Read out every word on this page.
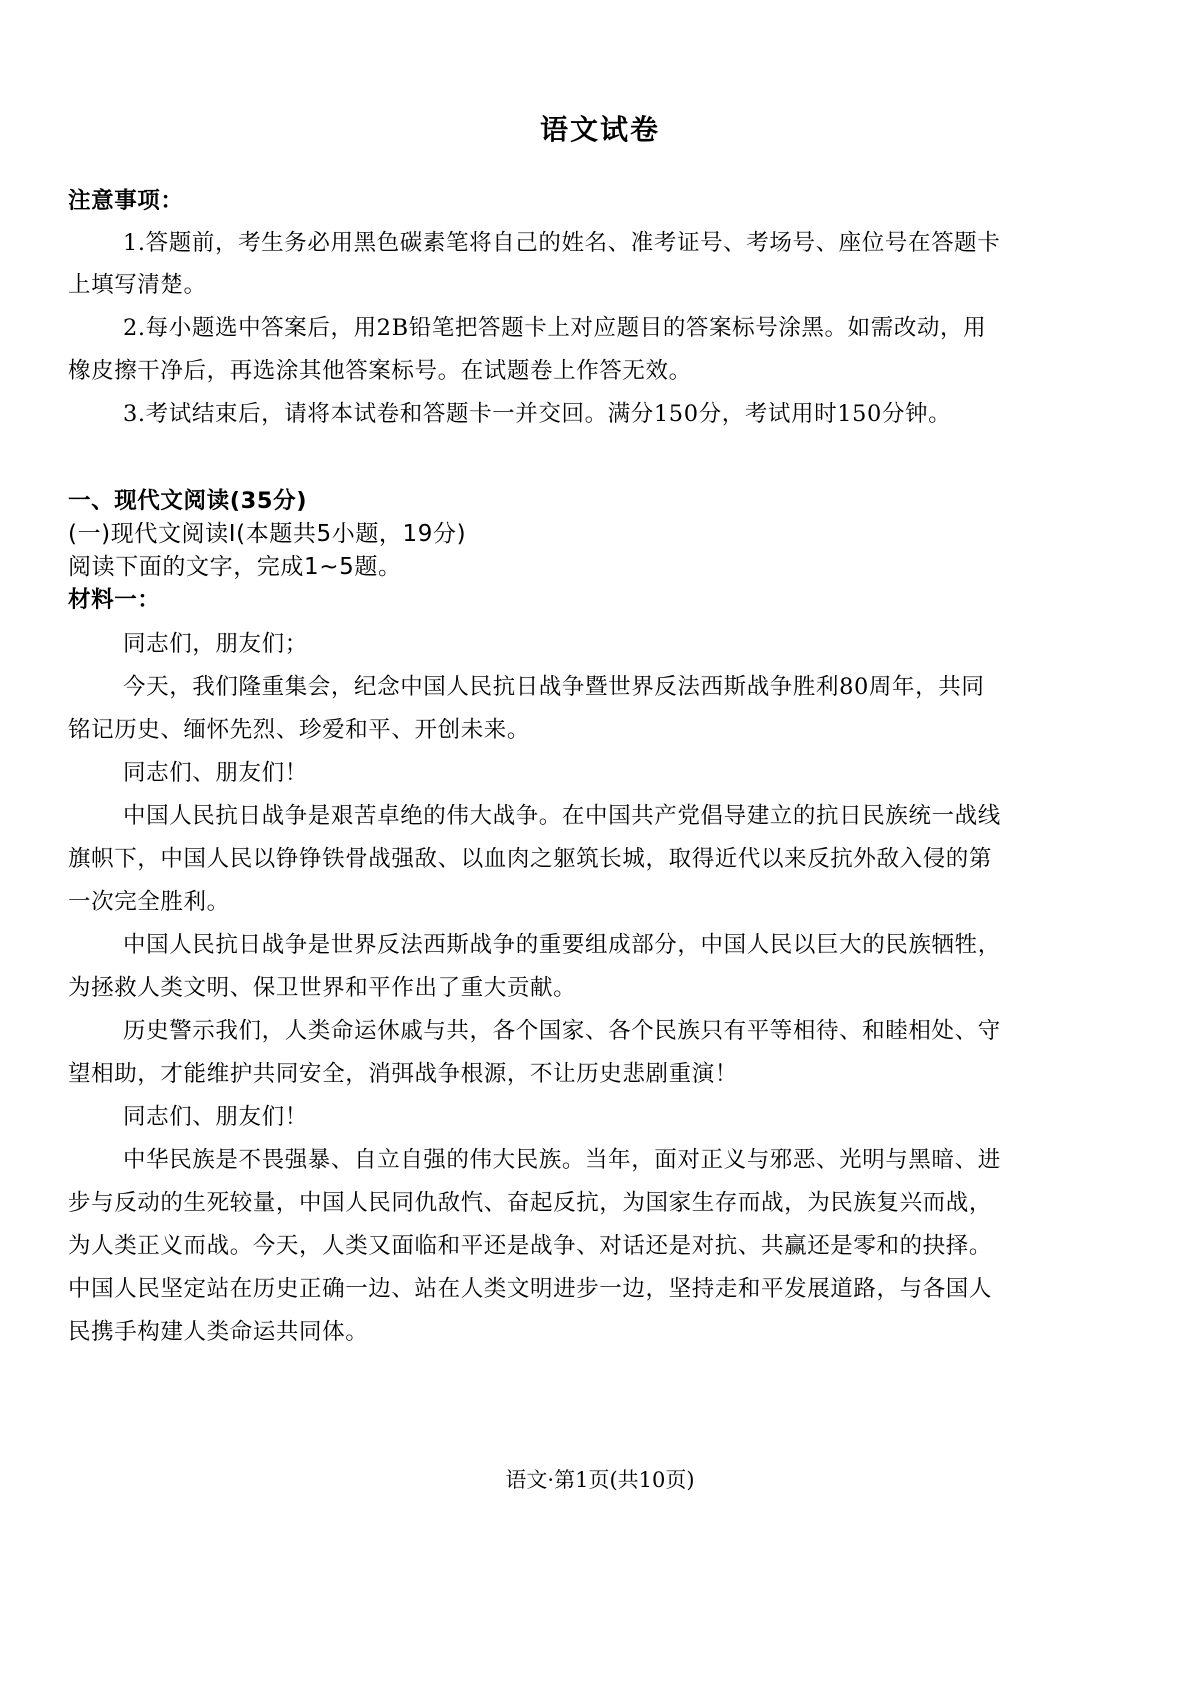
语文试卷

注意事项：

1.答题前，考生务必用黑色碳素笔将自己的姓名、准考证号、考场号、座位号在答题卡

上填写清楚。

2.每小题选中答案后，用2B铅笔把答题卡上对应题目的答案标号涂黑。如需改动，用

橡皮擦干净后，再选涂其他答案标号。在试题卷上作答无效。

3.考试结束后，请将本试卷和答题卡一并交回。满分150分，考试用时150分钟。

一、现代文阅读(35分)

(一)现代文阅读Ⅰ(本题共5小题，19分)

阅读下面的文字，完成1~5题。

材料一：

同志们，朋友们；

今天，我们隆重集会，纪念中国人民抗日战争暨世界反法西斯战争胜利80周年，共同

铭记历史、缅怀先烈、珍爱和平、开创未来。

同志们、朋友们！

中国人民抗日战争是艰苦卓绝的伟大战争。在中国共产党倡导建立的抗日民族统一战线

旗帜下，中国人民以铮铮铁骨战强敌、以血肉之躯筑长城，取得近代以来反抗外敌入侵的第

一次完全胜利。

中国人民抗日战争是世界反法西斯战争的重要组成部分，中国人民以巨大的民族牺牲，

为拯救人类文明、保卫世界和平作出了重大贡献。

历史警示我们，人类命运休戚与共，各个国家、各个民族只有平等相待、和睦相处、守

望相助，才能维护共同安全，消弭战争根源，不让历史悲剧重演！

同志们、朋友们！

中华民族是不畏强暴、自立自强的伟大民族。当年，面对正义与邪恶、光明与黑暗、进

步与反动的生死较量，中国人民同仇敌忾、奋起反抗，为国家生存而战，为民族复兴而战，

为人类正义而战。今天，人类又面临和平还是战争、对话还是对抗、共赢还是零和的抉择。

中国人民坚定站在历史正确一边、站在人类文明进步一边，坚持走和平发展道路，与各国人

民携手构建人类命运共同体。

语文·第1页(共10页)
